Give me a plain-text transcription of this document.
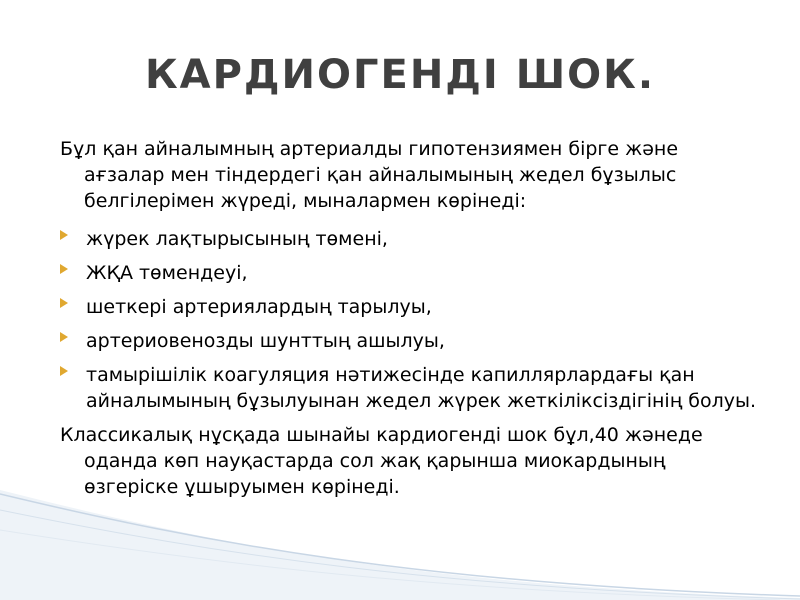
КАРДИОГЕНДІ ШОК.

Бұл қан айналымның артериалды гипотензиямен бірге және ағзалар мен тіндердегі қан айналымының жедел бұзылыс белгілерімен жүреді, мыналармен көрінеді:

жүрек лақтырысының төмені,
ЖҚА төмендеуі,
шеткері артериялардың тарылуы,
артериовенозды шунттың ашылуы,
тамырішілік коагуляция нәтижесінде капиллярлардағы қан айналымының бұзылуынан жедел жүрек жеткіліксіздігінің болуы.

Классикалық нұсқада шынайы кардиогенді шок бұл,40 жәнеде оданда көп науқастарда сол жақ қарынша миокардының өзгеріске ұшыруымен көрінеді.
